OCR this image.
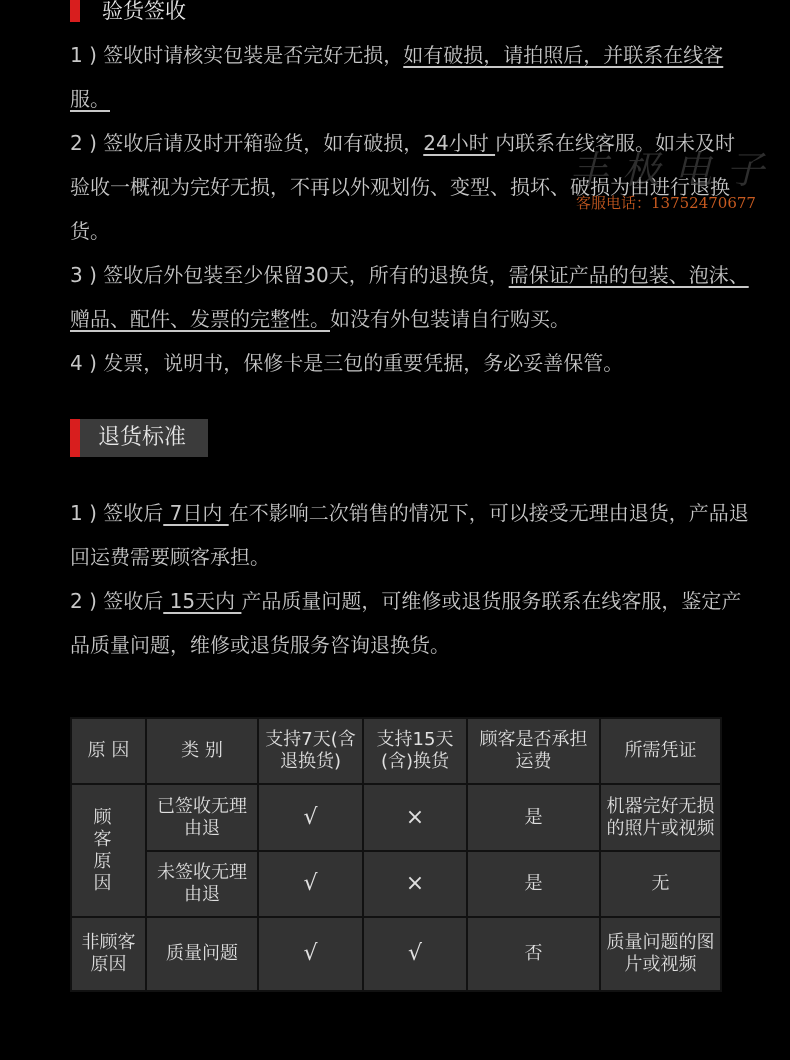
验货签收
1 ) 签收时请核实包装是否完好无损，如有破损，请拍照后，并联系在线客服。
2 ) 签收后请及时开箱验货，如有破损，24小时 内联系在线客服。如未及时验收一概视为完好无损，不再以外观划伤、变型、损坏、破损为由进行退换货。
3 ) 签收后外包装至少保留30天，所有的退换货，需保证产品的包装、泡沫、赠品、配件、发票的完整性。如没有外包装请自行购买。
4 ) 发票，说明书，保修卡是三包的重要凭据，务必妥善保管。
丰极电子
客服电话：13752470677
退货标准
1 ) 签收后 7日内 在不影响二次销售的情况下，可以接受无理由退货，产品退回运费需要顾客承担。
2 ) 签收后 15天内 产品质量问题，可维修或退货服务联系在线客服，鉴定产品质量问题，维修或退货服务咨询退换货。
原 因	类 别	支持7天(含退换货)	支持15天(含)换货	顾客是否承担运费	所需凭证
顾 客 原 因	已签收无理由退	√	×	是	机器完好无损的照片或视频
	未签收无理由退	√	×	是	无
非顾客原因	质量问题	√	√	否	质量问题的图片或视频
